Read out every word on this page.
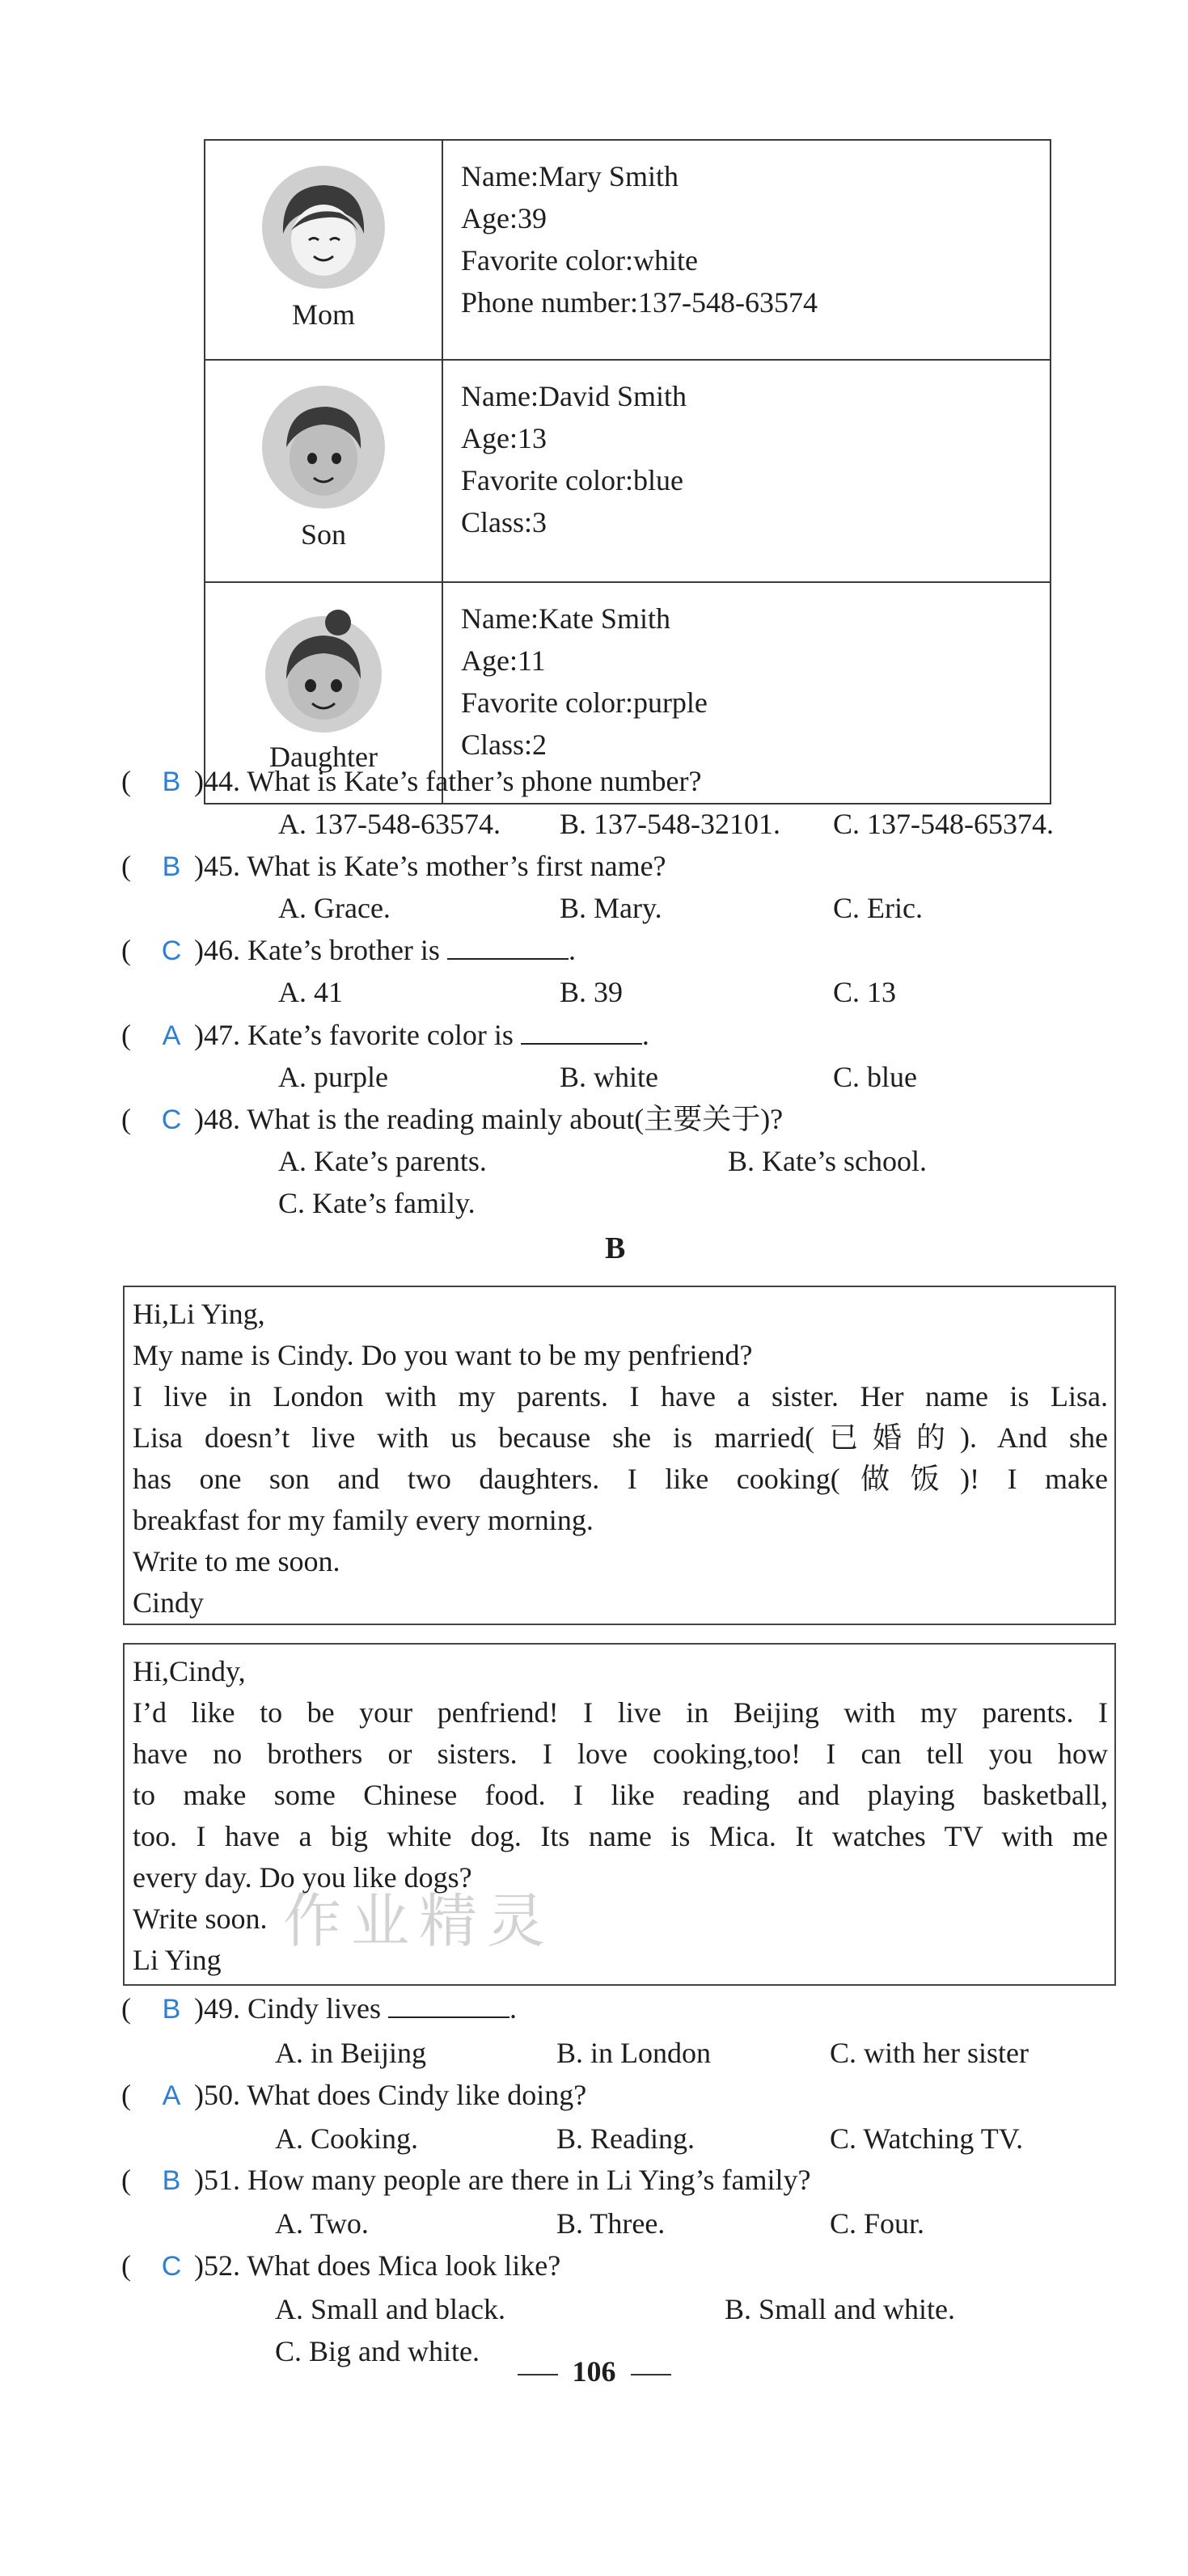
Mom	Name:Mary Smith
Age:39
Favorite color:white
Phone number:137-548-63574

Son	Name:David Smith
Age:13
Favorite color:blue
Class:3

Daughter	Name:Kate Smith
Age:11
Favorite color:purple
Class:2
( B )44. What is Kate’s father’s phone number?
A. 137-548-63574. B. 137-548-32101. C. 137-548-65374.
( B )45. What is Kate’s mother’s first name?
A. Grace.	B. Mary.	C. Eric.
( C )46. Kate’s brother is	.
A. 41	B. 39	C. 13
( A )47. Kate’s favorite color is	.
A. purple	B. white	C. blue
( C )48. What is the reading mainly about(主要关于)?
A. Kate’s parents.	B. Kate’s school.
C. Kate’s family.
B
Hi,Li Ying,
My name is Cindy. Do you want to be my penfriend?
I live in London with my parents. I have a sister. Her name is Lisa.
Lisa doesn’t live with us because she is married(已婚的). And she
has one son and two daughters. I like cooking(做饭)! I make
breakfast for my family every morning.
Write to me soon.
Cindy
Hi,Cindy,
I’d like to be your penfriend! I live in Beijing with my parents. I
have no brothers or sisters. I love cooking,too! I can tell you how
to make some Chinese food. I like reading and playing basketball,
too. I have a big white dog. Its name is Mica. It watches TV with me
every day. Do you like dogs?
Write soon.
Li Ying
作业精灵
( B )49. Cindy lives	.
A. in Beijing	B. in London	C. with her sister
( A )50. What does Cindy like doing?
A. Cooking.	B. Reading.	C. Watching TV.
( B )51. How many people are there in Li Ying’s family?
A. Two.	B. Three.	C. Four.
( C )52. What does Mica look like?
A. Small and black.	B. Small and white.
C. Big and white.
106
